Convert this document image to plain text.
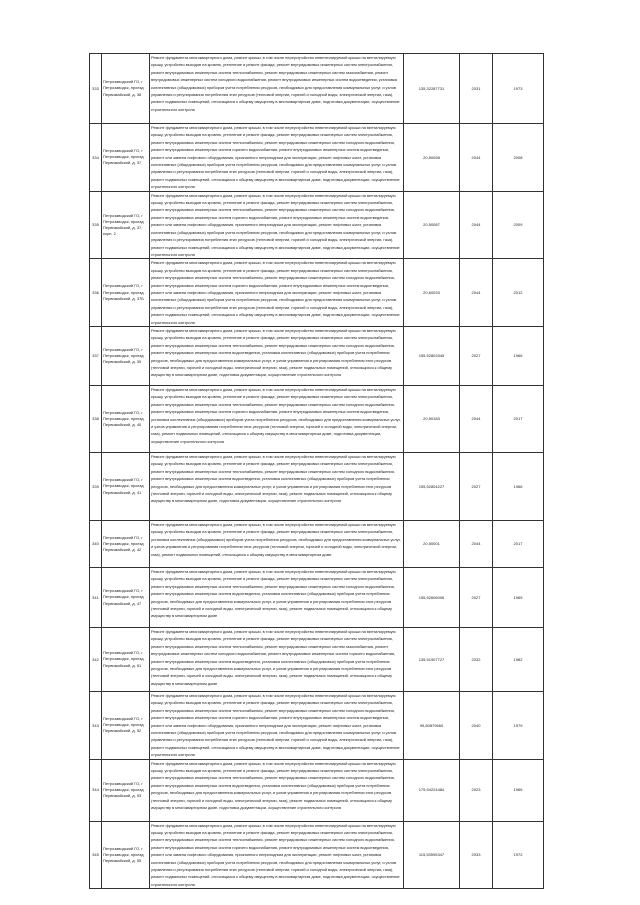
333	Петрозаводский ГО, г Петрозаводск, проезд Первомайский, д. 36	Ремонт фундамента многоквартирного дома, ремонт крыши, в том числе переустройство невентилируемой крыши на вентилируемую крышу, устройство выходов на кровлю, утепление и ремонт фасада, ремонт внутридомовых инженерных систем электроснабжения, ремонт внутридомовых инженерных систем теплоснабжения, ремонт внутридомовых инженерных систем газоснабжения, ремонт внутридомовых инженерных систем холодного водоснабжения, ремонт внутридомовых инженерных систем водоотведения, установка коллективных (общедомовых) приборов учета потребления ресурсов, необходимых для предоставления коммунальных услуг, и узлов управления и регулирования потребления этих ресурсов (тепловой энергии, горячей и холодной воды, электрической энергии, газа), ремонт подвальных помещений, относящихся к общему имуществу в многоквартирном доме, подготовка документации, осуществление строительного контроля	135,32287731	2031	1973
334	Петрозаводский ГО, г Петрозаводск, проезд Первомайский, д. 37	Ремонт фундамента многоквартирного дома, ремонт крыши, в том числе переустройство невентилируемой крыши на вентилируемую крышу, устройство выходов на кровлю, утепление и ремонт фасада, ремонт внутридомовых инженерных систем электроснабжения, ремонт внутридомовых инженерных систем теплоснабжения, ремонт внутридомовых инженерных систем холодного водоснабжения, ремонт внутридомовых инженерных систем горячего водоснабжения, ремонт внутридомовых инженерных систем водоотведения, ремонт или замена лифтового оборудования, признанного непригодным для эксплуатации, ремонт лифтовых шахт, установка коллективных (общедомовых) приборов учета потребления ресурсов, необходимых для предоставления коммунальных услуг, и узлов управления и регулирования потребления этих ресурсов (тепловой энергии, горячей и холодной воды, электрической энергии, газа), ремонт подвальных помещений, относящихся к общему имуществу в многоквартирном доме, подготовка документации, осуществление строительного контроля	20,50058	2044	2008
335	Петрозаводский ГО, г Петрозаводск, проезд Первомайский, д. 37, корп. 2	Ремонт фундамента многоквартирного дома, ремонт крыши, в том числе переустройство невентилируемой крыши на вентилируемую крышу, устройство выходов на кровлю, утепление и ремонт фасада, ремонт внутридомовых инженерных систем электроснабжения, ремонт внутридомовых инженерных систем теплоснабжения, ремонт внутридомовых инженерных систем холодного водоснабжения, ремонт внутридомовых инженерных систем горячего водоснабжения, ремонт внутридомовых инженерных систем водоотведения, ремонт или замена лифтового оборудования, признанного непригодным для эксплуатации, ремонт лифтовых шахт, установка коллективных (общедомовых) приборов учета потребления ресурсов, необходимых для предоставления коммунальных услуг, и узлов управления и регулирования потребления этих ресурсов (тепловой энергии, горячей и холодной воды, электрической энергии, газа), ремонт подвальных помещений, относящихся к общему имуществу в многоквартирном доме, подготовка документации, осуществление строительного контроля	20,50087	2044	2009
336	Петрозаводский ГО, г Петрозаводск, проезд Первомайский, д. 37Б	Ремонт фундамента многоквартирного дома, ремонт крыши, в том числе переустройство невентилируемой крыши на вентилируемую крышу, устройство выходов на кровлю, утепление и ремонт фасада, ремонт внутридомовых инженерных систем электроснабжения, ремонт внутридомовых инженерных систем теплоснабжения, ремонт внутридомовых инженерных систем холодного водоснабжения, ремонт внутридомовых инженерных систем горячего водоснабжения, ремонт внутридомовых инженерных систем водоотведения, ремонт или замена лифтового оборудования, признанного непригодным для эксплуатации, ремонт лифтовых шахт, установка коллективных (общедомовых) приборов учета потребления ресурсов, необходимых для предоставления коммунальных услуг, и узлов управления и регулирования потребления этих ресурсов (тепловой энергии, горячей и холодной воды, электрической энергии, газа), ремонт подвальных помещений, относящихся к общему имуществу в многоквартирном доме, подготовка документации, осуществление строительного контроля	20,60033	2044	2012
337	Петрозаводский ГО, г Петрозаводск, проезд Первомайский, д. 39	Ремонт фундамента многоквартирного дома, ремонт крыши, в том числе переустройство невентилируемой крыши на вентилируемую крышу, устройство выходов на кровлю, утепление и ремонт фасада, ремонт внутридомовых инженерных систем электроснабжения, ремонт внутридомовых инженерных систем теплоснабжения, ремонт внутридомовых инженерных систем холодного водоснабжения, ремонт внутридомовых инженерных систем водоотведения, установка коллективных (общедомовых) приборов учета потребления ресурсов, необходимых для предоставления коммунальных услуг, и узлов управления и регулирования потребления этих ресурсов (тепловой энергии, горячей и холодной воды, электрической энергии, газа), ремонт подвальных помещений, относящихся к общему имуществу в многоквартирном доме, подготовка документации, осуществление строительного контроля	155,52803345	2027	1966
338	Петрозаводский ГО, г Петрозаводск, проезд Первомайский, д. 40	Ремонт фундамента многоквартирного дома, ремонт крыши, в том числе переустройство невентилируемой крыши на вентилируемую крышу, устройство выходов на кровлю, утепление и ремонт фасада, ремонт внутридомовых инженерных систем электроснабжения, ремонт внутридомовых инженерных систем теплоснабжения, ремонт внутридомовых инженерных систем холодного водоснабжения, ремонт внутридомовых инженерных систем горячего водоснабжения, ремонт внутридомовых инженерных систем водоотведения, установка коллективных (общедомовых) приборов учета потребления ресурсов, необходимых для предоставления коммунальных услуг, и узлов управления и регулирования потребления этих ресурсов (тепловой энергии, горячей и холодной воды, электрической энергии, газа), ремонт подвальных помещений, относящихся к общему имуществу в многоквартирном доме, подготовка документации, осуществление строительного контроля	20,50183	2044	2017
339	Петрозаводский ГО, г Петрозаводск, проезд Первомайский, д. 41	Ремонт фундамента многоквартирного дома, ремонт крыши, в том числе переустройство невентилируемой крыши на вентилируемую крышу, устройство выходов на кровлю, утепление и ремонт фасада, ремонт внутридомовых инженерных систем электроснабжения, ремонт внутридомовых инженерных систем теплоснабжения, ремонт внутридомовых инженерных систем холодного водоснабжения, ремонт внутридомовых инженерных систем водоотведения, установка коллективных (общедомовых) приборов учета потребления ресурсов, необходимых для предоставления коммунальных услуг, и узлов управления и регулирования потребления этих ресурсов (тепловой энергии, горячей и холодной воды, электрической энергии, газа), ремонт подвальных помещений, относящихся к общему имуществу в многоквартирном доме, подготовка документации, осуществление строительного контроля	155,52804227	2027	1966
340	Петрозаводский ГО, г Петрозаводск, проезд Первомайский, д. 42	Ремонт фундамента многоквартирного дома, ремонт крыши, в том числе переустройство невентилируемой крыши на вентилируемую крышу, устройство выходов на кровлю, утепление и ремонт фасада, ремонт внутридомовых инженерных систем электроснабжения, установка коллективных (общедомовых) приборов учета потребления ресурсов, необходимых для предоставления коммунальных услуг, и узлов управления и регулирования потребления этих ресурсов (тепловой энергии, горячей и холодной воды, электрической энергии, газа), ремонт подвальных помещений, относящихся к общему имуществу в многоквартирном доме	20,50001	2044	2017
341	Петрозаводский ГО, г Петрозаводск, проезд Первомайский, д. 47	Ремонт фундамента многоквартирного дома, ремонт крыши, в том числе переустройство невентилируемой крыши на вентилируемую крышу, устройство выходов на кровлю, утепление и ремонт фасада, ремонт внутридомовых инженерных систем электроснабжения, ремонт внутридомовых инженерных систем теплоснабжения, ремонт внутридомовых инженерных систем холодного водоснабжения, ремонт внутридомовых инженерных систем водоотведения, установка коллективных (общедомовых) приборов учета потребления ресурсов, необходимых для предоставления коммунальных услуг, и узлов управления и регулирования потребления этих ресурсов (тепловой энергии, горячей и холодной воды, электрической энергии, газа), ремонт подвальных помещений, относящихся к общему имуществу в многоквартирном доме	155,52606006	2027	1965
342	Петрозаводский ГО, г Петрозаводск, проезд Первомайский, д. 51	Ремонт фундамента многоквартирного дома, ремонт крыши, в том числе переустройство невентилируемой крыши на вентилируемую крышу, устройство выходов на кровлю, утепление и ремонт фасада, ремонт внутридомовых инженерных систем электроснабжения, ремонт внутридомовых инженерных систем теплоснабжения, ремонт внутридомовых инженерных систем газоснабжения, ремонт внутридомовых инженерных систем холодного водоснабжения, ремонт внутридомовых инженерных систем горячего водоснабжения, ремонт внутридомовых инженерных систем водоотведения, установка коллективных (общедомовых) приборов учета потребления ресурсов, необходимых для предоставления коммунальных услуг, и узлов управления и регулирования потребления этих ресурсов (тепловой энергии, горячей и холодной воды, электрической энергии, газа), ремонт подвальных помещений, относящихся к общему имуществу в многоквартирном доме	135,51907727	2032	1982
343	Петрозаводский ГО, г Петрозаводск, проезд Первомайский, д. 52	Ремонт фундамента многоквартирного дома, ремонт крыши, в том числе переустройство невентилируемой крыши на вентилируемую крышу, устройство выходов на кровлю, утепление и ремонт фасада, ремонт внутридомовых инженерных систем электроснабжения, ремонт внутридомовых инженерных систем теплоснабжения, ремонт внутридомовых инженерных систем холодного водоснабжения, ремонт внутридомовых инженерных систем горячего водоснабжения, ремонт внутридомовых инженерных систем водоотведения, ремонт или замена лифтового оборудования, признанного непригодным для эксплуатации, ремонт лифтовых шахт, установка коллективных (общедомовых) приборов учета потребления ресурсов, необходимых для предоставления коммунальных услуг, и узлов управления и регулирования потребления этих ресурсов (тепловой энергии, горячей и холодной воды, электрической энергии, газа), ремонт подвальных помещений, относящихся к общему имуществу в многоквартирном доме, подготовка документации, осуществление строительного контроля	95,80879660	2040	1979
344	Петрозаводский ГО, г Петрозаводск, проезд Первомайский, д. 53	Ремонт фундамента многоквартирного дома, ремонт крыши, в том числе переустройство невентилируемой крыши на вентилируемую крышу, устройство выходов на кровлю, утепление и ремонт фасада, ремонт внутридомовых инженерных систем электроснабжения, ремонт внутридомовых инженерных систем теплоснабжения, ремонт внутридомовых инженерных систем холодного водоснабжения, ремонт внутридомовых инженерных систем водоотведения, установка коллективных (общедомовых) приборов учета потребления ресурсов, необходимых для предоставления коммунальных услуг, и узлов управления и регулирования потребления этих ресурсов (тепловой энергии, горячей и холодной воды, электрической энергии, газа), ремонт подвальных помещений, относящихся к общему имуществу в многоквартирном доме, подготовка документации, осуществление строительного контроля	175,54224484	2023	1966
345	Петрозаводский ГО, г Петрозаводск, проезд Первомайский, д. 55	Ремонт фундамента многоквартирного дома, ремонт крыши, в том числе переустройство невентилируемой крыши на вентилируемую крышу, устройство выходов на кровлю, утепление и ремонт фасада, ремонт внутридомовых инженерных систем электроснабжения, ремонт внутридомовых инженерных систем теплоснабжения, ремонт внутридомовых инженерных систем холодного водоснабжения, ремонт внутридомовых инженерных систем горячего водоснабжения, ремонт внутридомовых инженерных систем водоотведения, ремонт или замена лифтового оборудования, признанного непригодным для эксплуатации, ремонт лифтовых шахт, установка коллективных (общедомовых) приборов учета потребления ресурсов, необходимых для предоставления коммунальных услуг, и узлов управления и регулирования потребления этих ресурсов (тепловой энергии, горячей и холодной воды, электрической энергии, газа), ремонт подвальных помещений, относящихся к общему имуществу в многоквартирном доме, подготовка документации, осуществление строительного контроля	115,53595347	2033	1972
